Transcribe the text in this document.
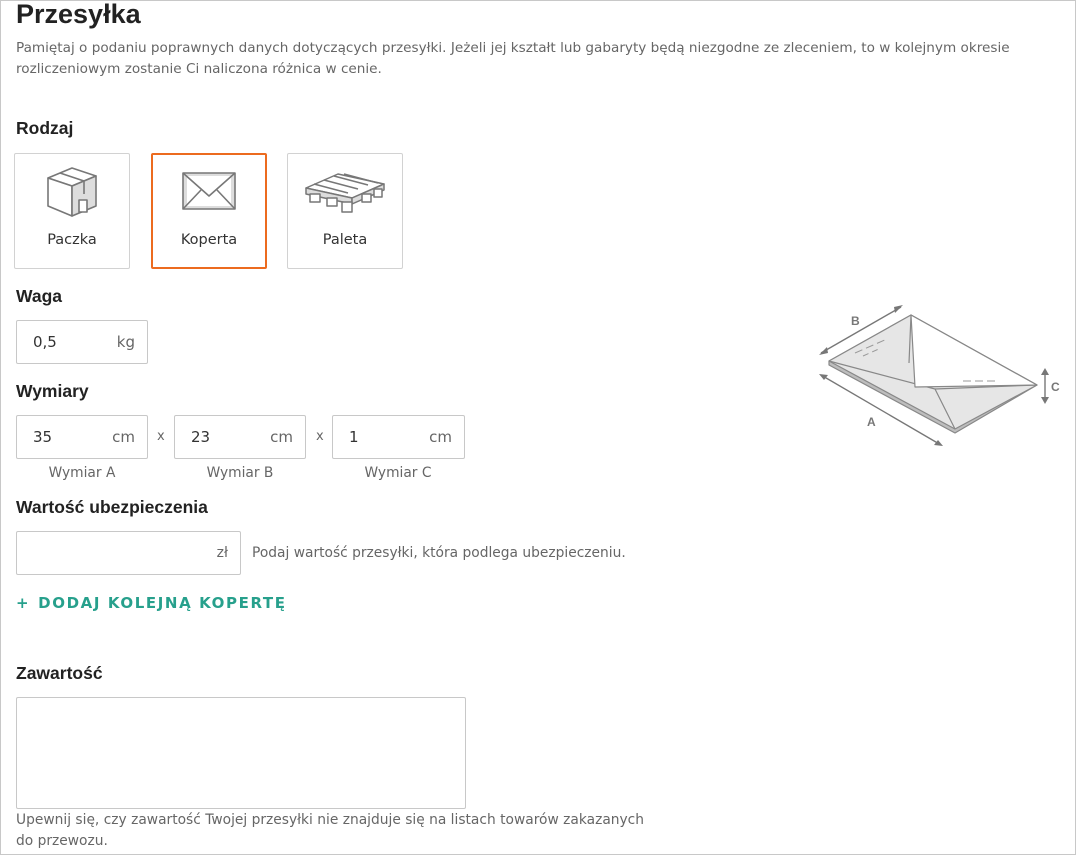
Przesyłka
Pamiętaj o podaniu poprawnych danych dotyczących przesyłki. Jeżeli jej kształt lub gabaryty będą niezgodne ze zleceniem, to w kolejnym okresie rozliczeniowym zostanie Ci naliczona różnica w cenie.
Rodzaj
Paczka	Koperta	Paleta
Waga
0,5
kg
Wymiary
35
cm x
23	cm x
1	cm
Wymiar A	Wymiar B	Wymiar C
Wartość ubezpieczenia
zł Podaj wartość przesyłki, która podlega ubezpieczeniu.
+ DODAJ KOLEJNĄ KOPERTĘ
Zawartość
Upewnij się, czy zawartość Twojej przesyłki nie znajduje się na listach towarów zakazanych do przewozu.
B
A
C
